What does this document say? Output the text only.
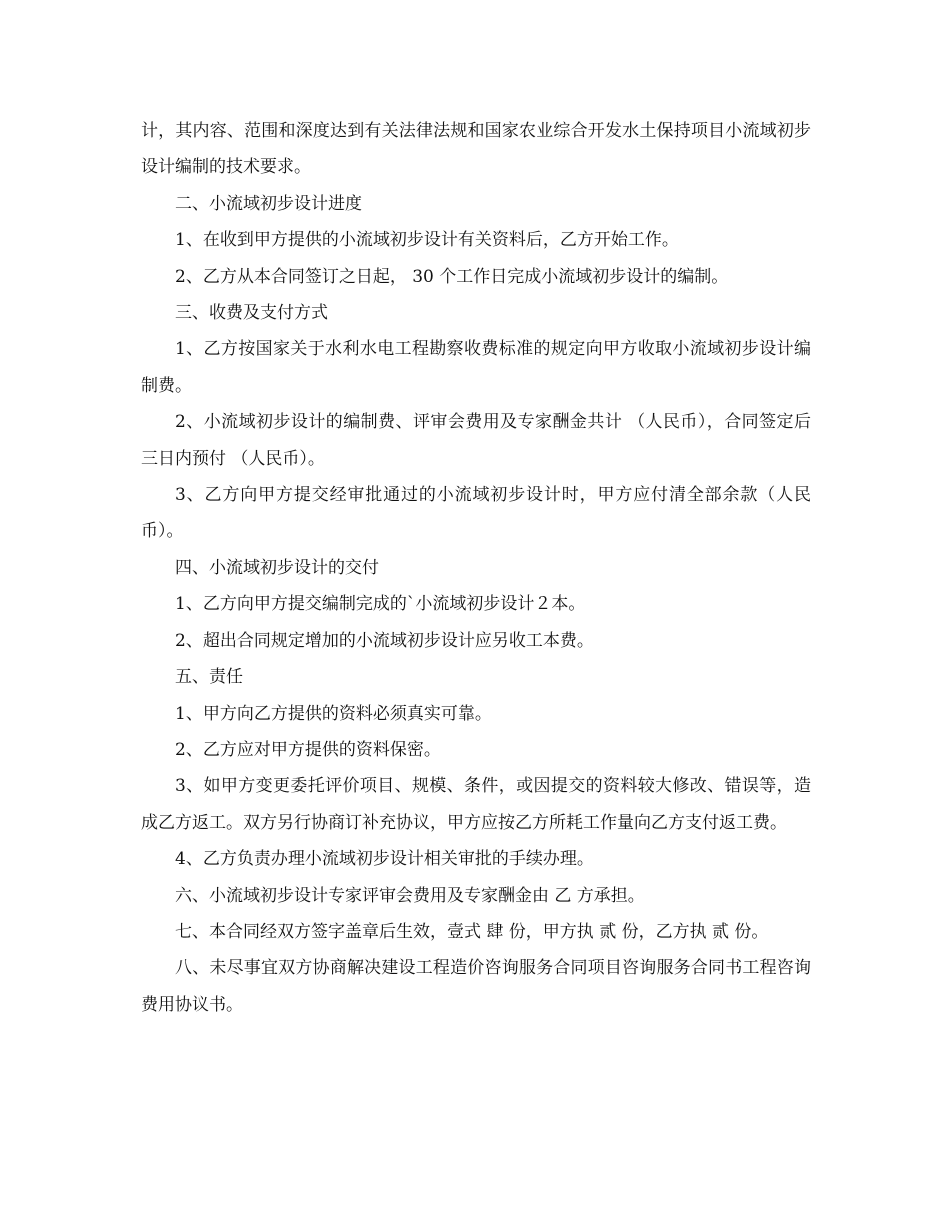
计，其内容、范围和深度达到有关法律法规和国家农业综合开发水土保持项目小流域初步设计编制的技术要求。

二、小流域初步设计进度

1、在收到甲方提供的小流域初步设计有关资料后，乙方开始工作。

2、乙方从本合同签订之日起， 30 个工作日完成小流域初步设计的编制。

三、收费及支付方式

1、乙方按国家关于水利水电工程勘察收费标准的规定向甲方收取小流域初步设计编制费。

2、小流域初步设计的编制费、评审会费用及专家酬金共计 （人民币），合同签定后三日内预付 （人民币）。

3、乙方向甲方提交经审批通过的小流域初步设计时，甲方应付清全部余款（人民币）。

四、小流域初步设计的交付

1、乙方向甲方提交编制完成的`小流域初步设计２本。

2、超出合同规定增加的小流域初步设计应另收工本费。

五、责任

1、甲方向乙方提供的资料必须真实可靠。

2、乙方应对甲方提供的资料保密。

3、如甲方变更委托评价项目、规模、条件，或因提交的资料较大修改、错误等，造成乙方返工。双方另行协商订补充协议，甲方应按乙方所耗工作量向乙方支付返工费。

4、乙方负责办理小流域初步设计相关审批的手续办理。

六、小流域初步设计专家评审会费用及专家酬金由 乙 方承担。

七、本合同经双方签字盖章后生效，壹式 肆 份，甲方执 贰 份，乙方执 贰 份。

八、未尽事宜双方协商解决建设工程造价咨询服务合同项目咨询服务合同书工程咨询费用协议书。
